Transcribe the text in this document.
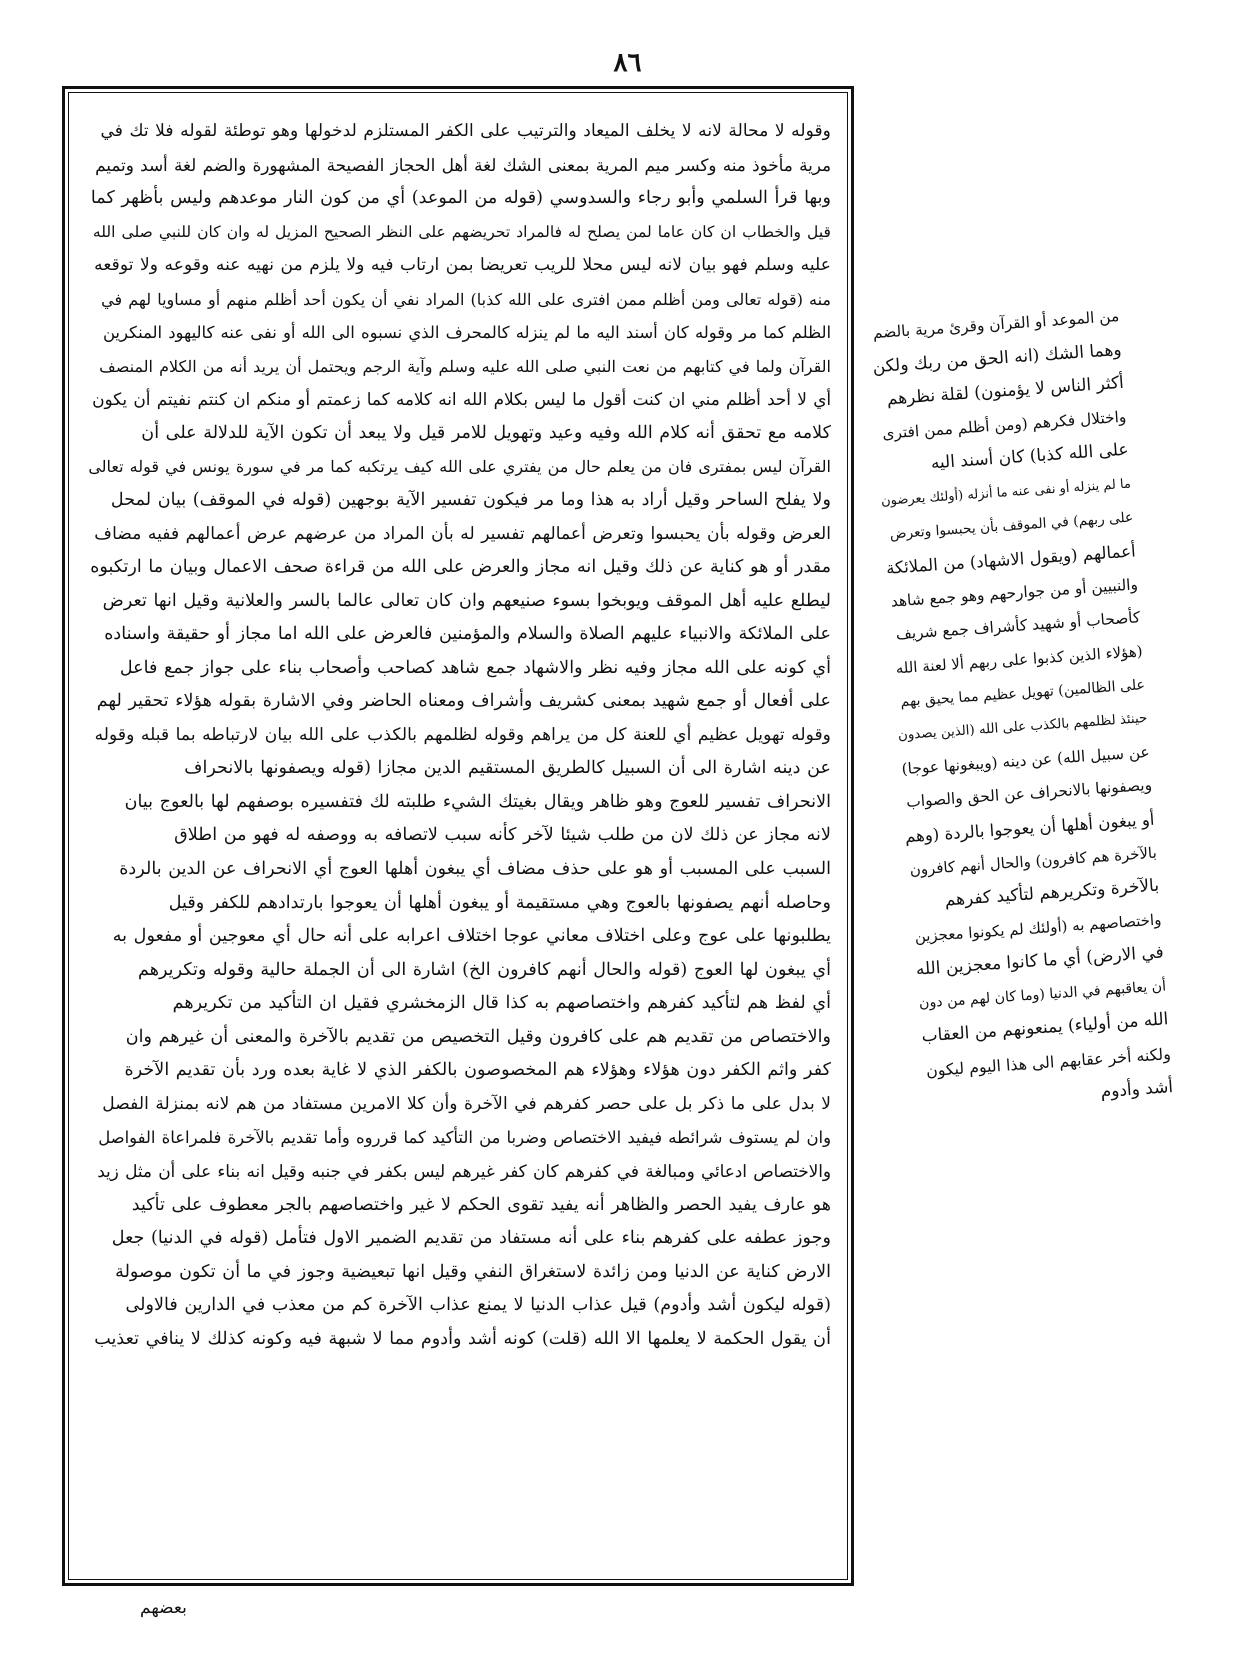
٨٦
وقوله لا محالة لانه لا يخلف الميعاد والترتيب على الكفر المستلزم لدخولها وهو توطئة لقوله فلا تك في
مرية مأخوذ منه وكسر ميم المرية بمعنى الشك لغة أهل الحجاز الفصيحة المشهورة والضم لغة أسد وتميم
وبها قرأ السلمي وأبو رجاء والسدوسي (قوله من الموعد) أي من كون النار موعدهم وليس بأظهر كما
قيل والخطاب ان كان عاما لمن يصلح له فالمراد تحريضهم على النظر الصحيح المزيل له وان كان للنبي صلى الله
عليه وسلم فهو بيان لانه ليس محلا للريب تعريضا بمن ارتاب فيه ولا يلزم من نهيه عنه وقوعه ولا توقعه
منه (قوله تعالى ومن أظلم ممن افترى على الله كذبا) المراد نفي أن يكون أحد أظلم منهم أو مساويا لهم في
الظلم كما مر وقوله كان أسند اليه ما لم ينزله كالمحرف الذي نسبوه الى الله أو نفى عنه كاليهود المنكرين
القرآن ولما في كتابهم من نعت النبي صلى الله عليه وسلم وآية الرجم ويحتمل أن يريد أنه من الكلام المنصف
أي لا أحد أظلم مني ان كنت أقول ما ليس بكلام الله انه كلامه كما زعمتم أو منكم ان كنتم نفيتم أن يكون
كلامه مع تحقق أنه كلام الله وفيه وعيد وتهويل للامر قيل ولا يبعد أن تكون الآية للدلالة على أن
القرآن ليس بمفترى فان من يعلم حال من يفتري على الله كيف يرتكبه كما مر في سورة يونس في قوله تعالى
ولا يفلح الساحر وقيل أراد به هذا وما مر فيكون تفسير الآية بوجهين (قوله في الموقف) بيان لمحل
العرض وقوله بأن يحبسوا وتعرض أعمالهم تفسير له بأن المراد من عرضهم عرض أعمالهم ففيه مضاف
مقدر أو هو كناية عن ذلك وقيل انه مجاز والعرض على الله من قراءة صحف الاعمال وبيان ما ارتكبوه
ليطلع عليه أهل الموقف ويوبخوا بسوء صنيعهم وان كان تعالى عالما بالسر والعلانية وقيل انها تعرض
على الملائكة والانبياء عليهم الصلاة والسلام والمؤمنين فالعرض على الله اما مجاز أو حقيقة واسناده
أي كونه على الله مجاز وفيه نظر والاشهاد جمع شاهد كصاحب وأصحاب بناء على جواز جمع فاعل
على أفعال أو جمع شهيد بمعنى كشريف وأشراف ومعناه الحاضر وفي الاشارة بقوله هؤلاء تحقير لهم
وقوله تهويل عظيم أي للعنة كل من يراهم وقوله لظلمهم بالكذب على الله بيان لارتباطه بما قبله وقوله
عن دينه اشارة الى أن السبيل كالطريق المستقيم الدين مجازا (قوله ويصفونها بالانحراف
الانحراف تفسير للعوج وهو ظاهر ويقال بغيتك الشيء طلبته لك فتفسيره بوصفهم لها بالعوج بيان
لانه مجاز عن ذلك لان من طلب شيئا لآخر كأنه سبب لاتصافه به ووصفه له فهو من اطلاق
السبب على المسبب أو هو على حذف مضاف أي يبغون أهلها العوج أي الانحراف عن الدين بالردة
وحاصله أنهم يصفونها بالعوج وهي مستقيمة أو يبغون أهلها أن يعوجوا بارتدادهم للكفر وقيل
يطلبونها على عوج وعلى اختلاف معاني عوجا اختلاف اعرابه على أنه حال أي معوجين أو مفعول به
أي يبغون لها العوج (قوله والحال أنهم كافرون الخ) اشارة الى أن الجملة حالية وقوله وتكريرهم
أي لفظ هم لتأكيد كفرهم واختصاصهم به كذا قال الزمخشري فقيل ان التأكيد من تكريرهم
والاختصاص من تقديم هم على كافرون وقيل التخصيص من تقديم بالآخرة والمعنى أن غيرهم وان
كفر واثم الكفر دون هؤلاء وهؤلاء هم المخصوصون بالكفر الذي لا غاية بعده ورد بأن تقديم الآخرة
لا بدل على ما ذكر بل على حصر كفرهم في الآخرة وأن كلا الامرين مستفاد من هم لانه بمنزلة الفصل
وان لم يستوف شرائطه فيفيد الاختصاص وضربا من التأكيد كما قرروه وأما تقديم بالآخرة فلمراعاة الفواصل
والاختصاص ادعائي ومبالغة في كفرهم كان كفر غيرهم ليس بكفر في جنبه وقيل انه بناء على أن مثل زيد
هو عارف يفيد الحصر والظاهر أنه يفيد تقوى الحكم لا غير واختصاصهم بالجر معطوف على تأكيد
وجوز عطفه على كفرهم بناء على أنه مستفاد من تقديم الضمير الاول فتأمل (قوله في الدنيا) جعل
الارض كناية عن الدنيا ومن زائدة لاستغراق النفي وقيل انها تبعيضية وجوز في ما أن تكون موصولة
(قوله ليكون أشد وأدوم) قيل عذاب الدنيا لا يمنع عذاب الآخرة كم من معذب في الدارين فالاولى
أن يقول الحكمة لا يعلمها الا الله (قلت) كونه أشد وأدوم مما لا شبهة فيه وكونه كذلك لا ينافي تعذيب
من الموعد أو القرآن وقرئ مرية بالضم
وهما الشك (انه الحق من ربك ولكن
أكثر الناس لا يؤمنون) لقلة نظرهم
واختلال فكرهم (ومن أظلم ممن افترى
على الله كذبا) كان أسند اليه
ما لم ينزله أو نفى عنه ما أنزله (أولئك يعرضون
على ربهم) في الموقف بأن يحبسوا وتعرض
أعمالهم (ويقول الاشهاد) من الملائكة
والنبيين أو من جوارحهم وهو جمع شاهد
كأصحاب أو شهيد كأشراف جمع شريف
(هؤلاء الذين كذبوا على ربهم ألا لعنة الله
على الظالمين) تهويل عظيم مما يحيق بهم
حينئذ لظلمهم بالكذب على الله (الذين يصدون
عن سبيل الله) عن دينه (ويبغونها عوجا)
ويصفونها بالانحراف عن الحق والصواب
أو يبغون أهلها أن يعوجوا بالردة (وهم
بالآخرة هم كافرون) والحال أنهم كافرون
بالآخرة وتكريرهم لتأكيد كفرهم
واختصاصهم به (أولئك لم يكونوا معجزين
في الارض) أي ما كانوا معجزين الله
أن يعاقبهم في الدنيا (وما كان لهم من دون
الله من أولياء) يمنعونهم من العقاب
ولكنه أخر عقابهم الى هذا اليوم ليكون
أشد وأدوم
بعضهم
